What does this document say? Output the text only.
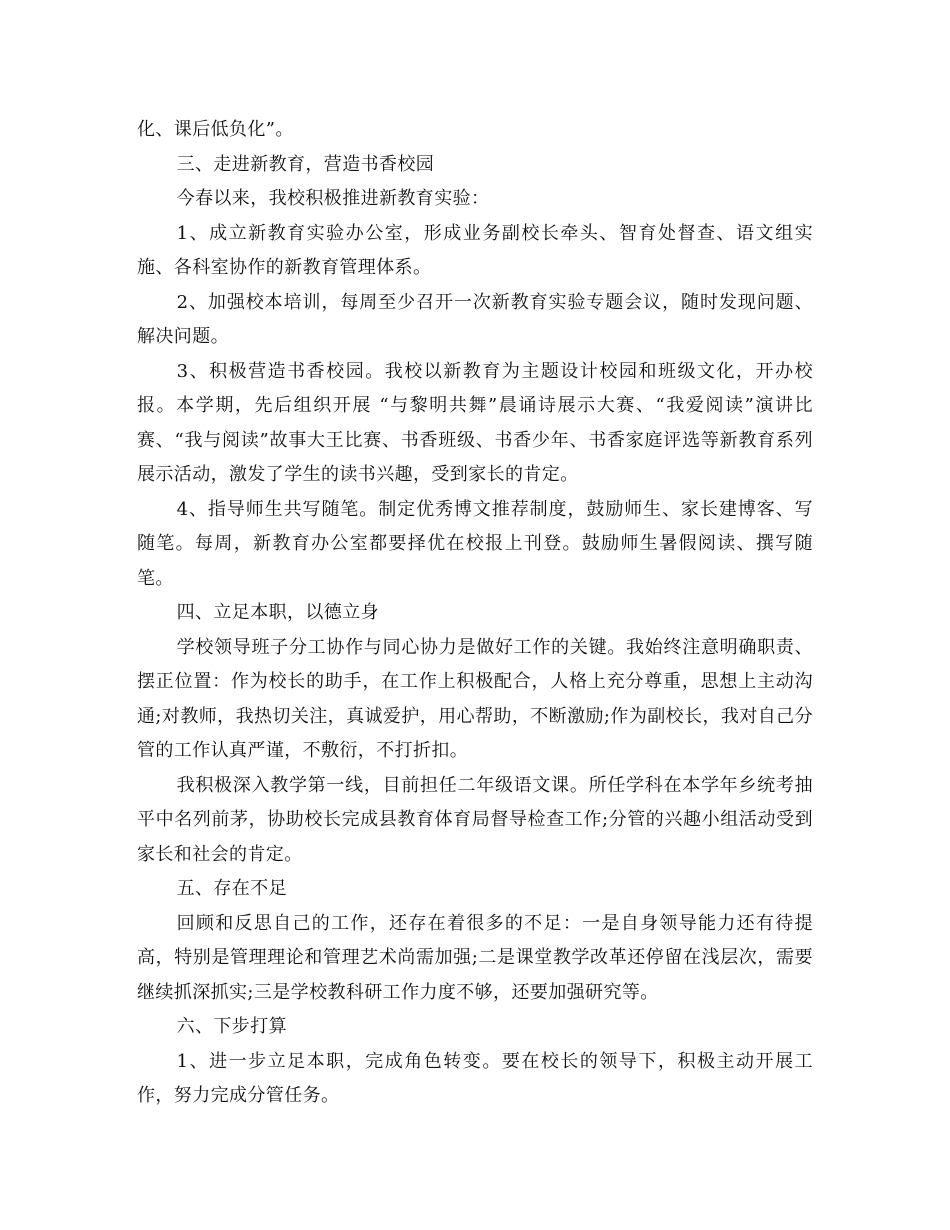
化、课后低负化”。

三、走进新教育，营造书香校园

今春以来，我校积极推进新教育实验：

1、成立新教育实验办公室，形成业务副校长牵头、智育处督查、语文组实施、各科室协作的新教育管理体系。

2、加强校本培训，每周至少召开一次新教育实验专题会议，随时发现问题、解决问题。

3、积极营造书香校园。我校以新教育为主题设计校园和班级文化，开办校报。本学期，先后组织开展 “与黎明共舞”晨诵诗展示大赛、“我爱阅读”演讲比赛、“我与阅读”故事大王比赛、书香班级、书香少年、书香家庭评选等新教育系列展示活动，激发了学生的读书兴趣，受到家长的肯定。

4、指导师生共写随笔。制定优秀博文推荐制度，鼓励师生、家长建博客、写随笔。每周，新教育办公室都要择优在校报上刊登。鼓励师生暑假阅读、撰写随笔。

四、立足本职，以德立身

学校领导班子分工协作与同心协力是做好工作的关键。我始终注意明确职责、摆正位置：作为校长的助手，在工作上积极配合，人格上充分尊重，思想上主动沟通;对教师，我热切关注，真诚爱护，用心帮助，不断激励;作为副校长，我对自己分管的工作认真严谨，不敷衍，不打折扣。

我积极深入教学第一线，目前担任二年级语文课。所任学科在本学年乡统考抽平中名列前茅，协助校长完成县教育体育局督导检查工作;分管的兴趣小组活动受到家长和社会的肯定。

五、存在不足

回顾和反思自己的工作，还存在着很多的不足：一是自身领导能力还有待提高，特别是管理理论和管理艺术尚需加强;二是课堂教学改革还停留在浅层次，需要继续抓深抓实;三是学校教科研工作力度不够，还要加强研究等。

六、下步打算

1、进一步立足本职，完成角色转变。要在校长的领导下，积极主动开展工作，努力完成分管任务。
